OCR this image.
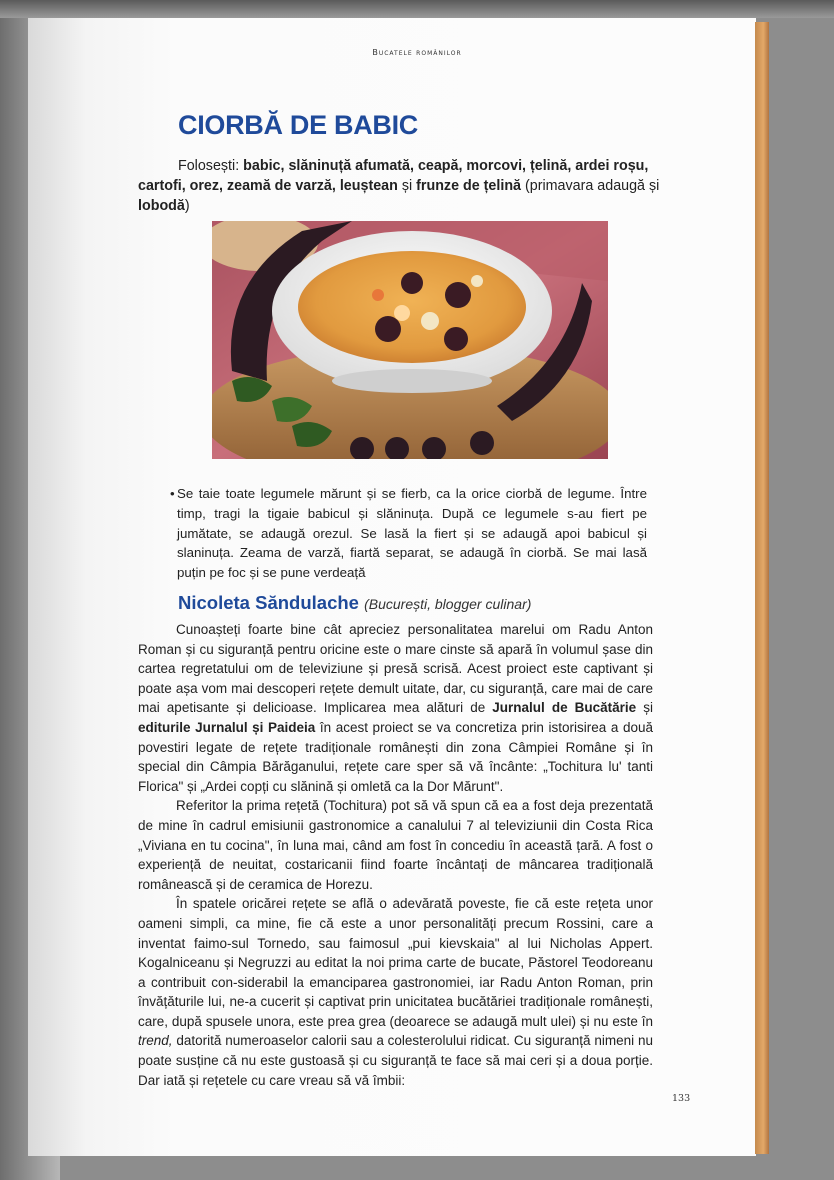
Bucatele românilor
CIORBĂ DE BABIC
Folosești: babic, slăninuță afumată, ceapă, morcovi, țelină, ardei roșu, cartofi, orez, zeamă de varză, leuștean și frunze de țelină (primavara adaugă și lobodă)
• Se taie toate legumele mărunt și se fierb, ca la orice ciorbă de legume. Între timp, tragi la tigaie babicul și slăninuța. După ce legumele s-au fiert pe jumătate, se adaugă orezul. Se lasă la fiert și se adaugă apoi babicul și slaninuța. Zeama de varză, fiartă separat, se adaugă în ciorbă. Se mai lasă puțin pe foc și se pune verdeață
Nicoleta Săndulache (București, blogger culinar)

Cunoașteți foarte bine cât apreciez personalitatea marelui om Radu Anton Roman și cu siguranță pentru oricine este o mare cinste să apară în volumul șase din cartea regretatului om de televiziune și presă scrisă. Acest proiect este captivant și poate așa vom mai descoperi rețete demult uitate, dar, cu siguranță, care mai de care mai apetisante și delicioase. Implicarea mea alături de Jurnalul de Bucătărie și editurile Jurnalul și Paideia în acest proiect se va concretiza prin istorisirea a două povestiri legate de rețete tradiționale românești din zona Câmpiei Române și în special din Câmpia Bărăganului, rețete care sper să vă încânte: „Tochitura lu' tanti Florica" și „Ardei copți cu slănină și omletă ca la Dor Mărunt".

Referitor la prima rețetă (Tochitura) pot să vă spun că ea a fost deja prezentată de mine în cadrul emisiunii gastronomice a canalului 7 al televiziunii din Costa Rica „Viviana en tu cocina", în luna mai, când am fost în concediu în această țară. A fost o experiență de neuitat, costaricanii fiind foarte încântați de mâncarea tradițională românească și de ceramica de Horezu.

În spatele oricărei rețete se află o adevărată poveste, fie că este rețeta unor oameni simpli, ca mine, fie că este a unor personalități precum Rossini, care a inventat faimo-sul Tornedo, sau faimosul „pui kievskaia" al lui Nicholas Appert. Kogalniceanu și Negruzzi au editat la noi prima carte de bucate, Păstorel Teodoreanu a contribuit con-siderabil la emanciparea gastronomiei, iar Radu Anton Roman, prin învățăturile lui, ne-a cucerit și captivat prin unicitatea bucătăriei tradiționale românești, care, după spusele unora, este prea grea (deoarece se adaugă mult ulei) și nu este în trend, datorită numeroaselor calorii sau a colesterolului ridicat. Cu siguranță nimeni nu poate susține că nu este gustoasă și cu siguranță te face să mai ceri și a doua porție. Dar iată și rețetele cu care vreau să vă îmbii:

133
